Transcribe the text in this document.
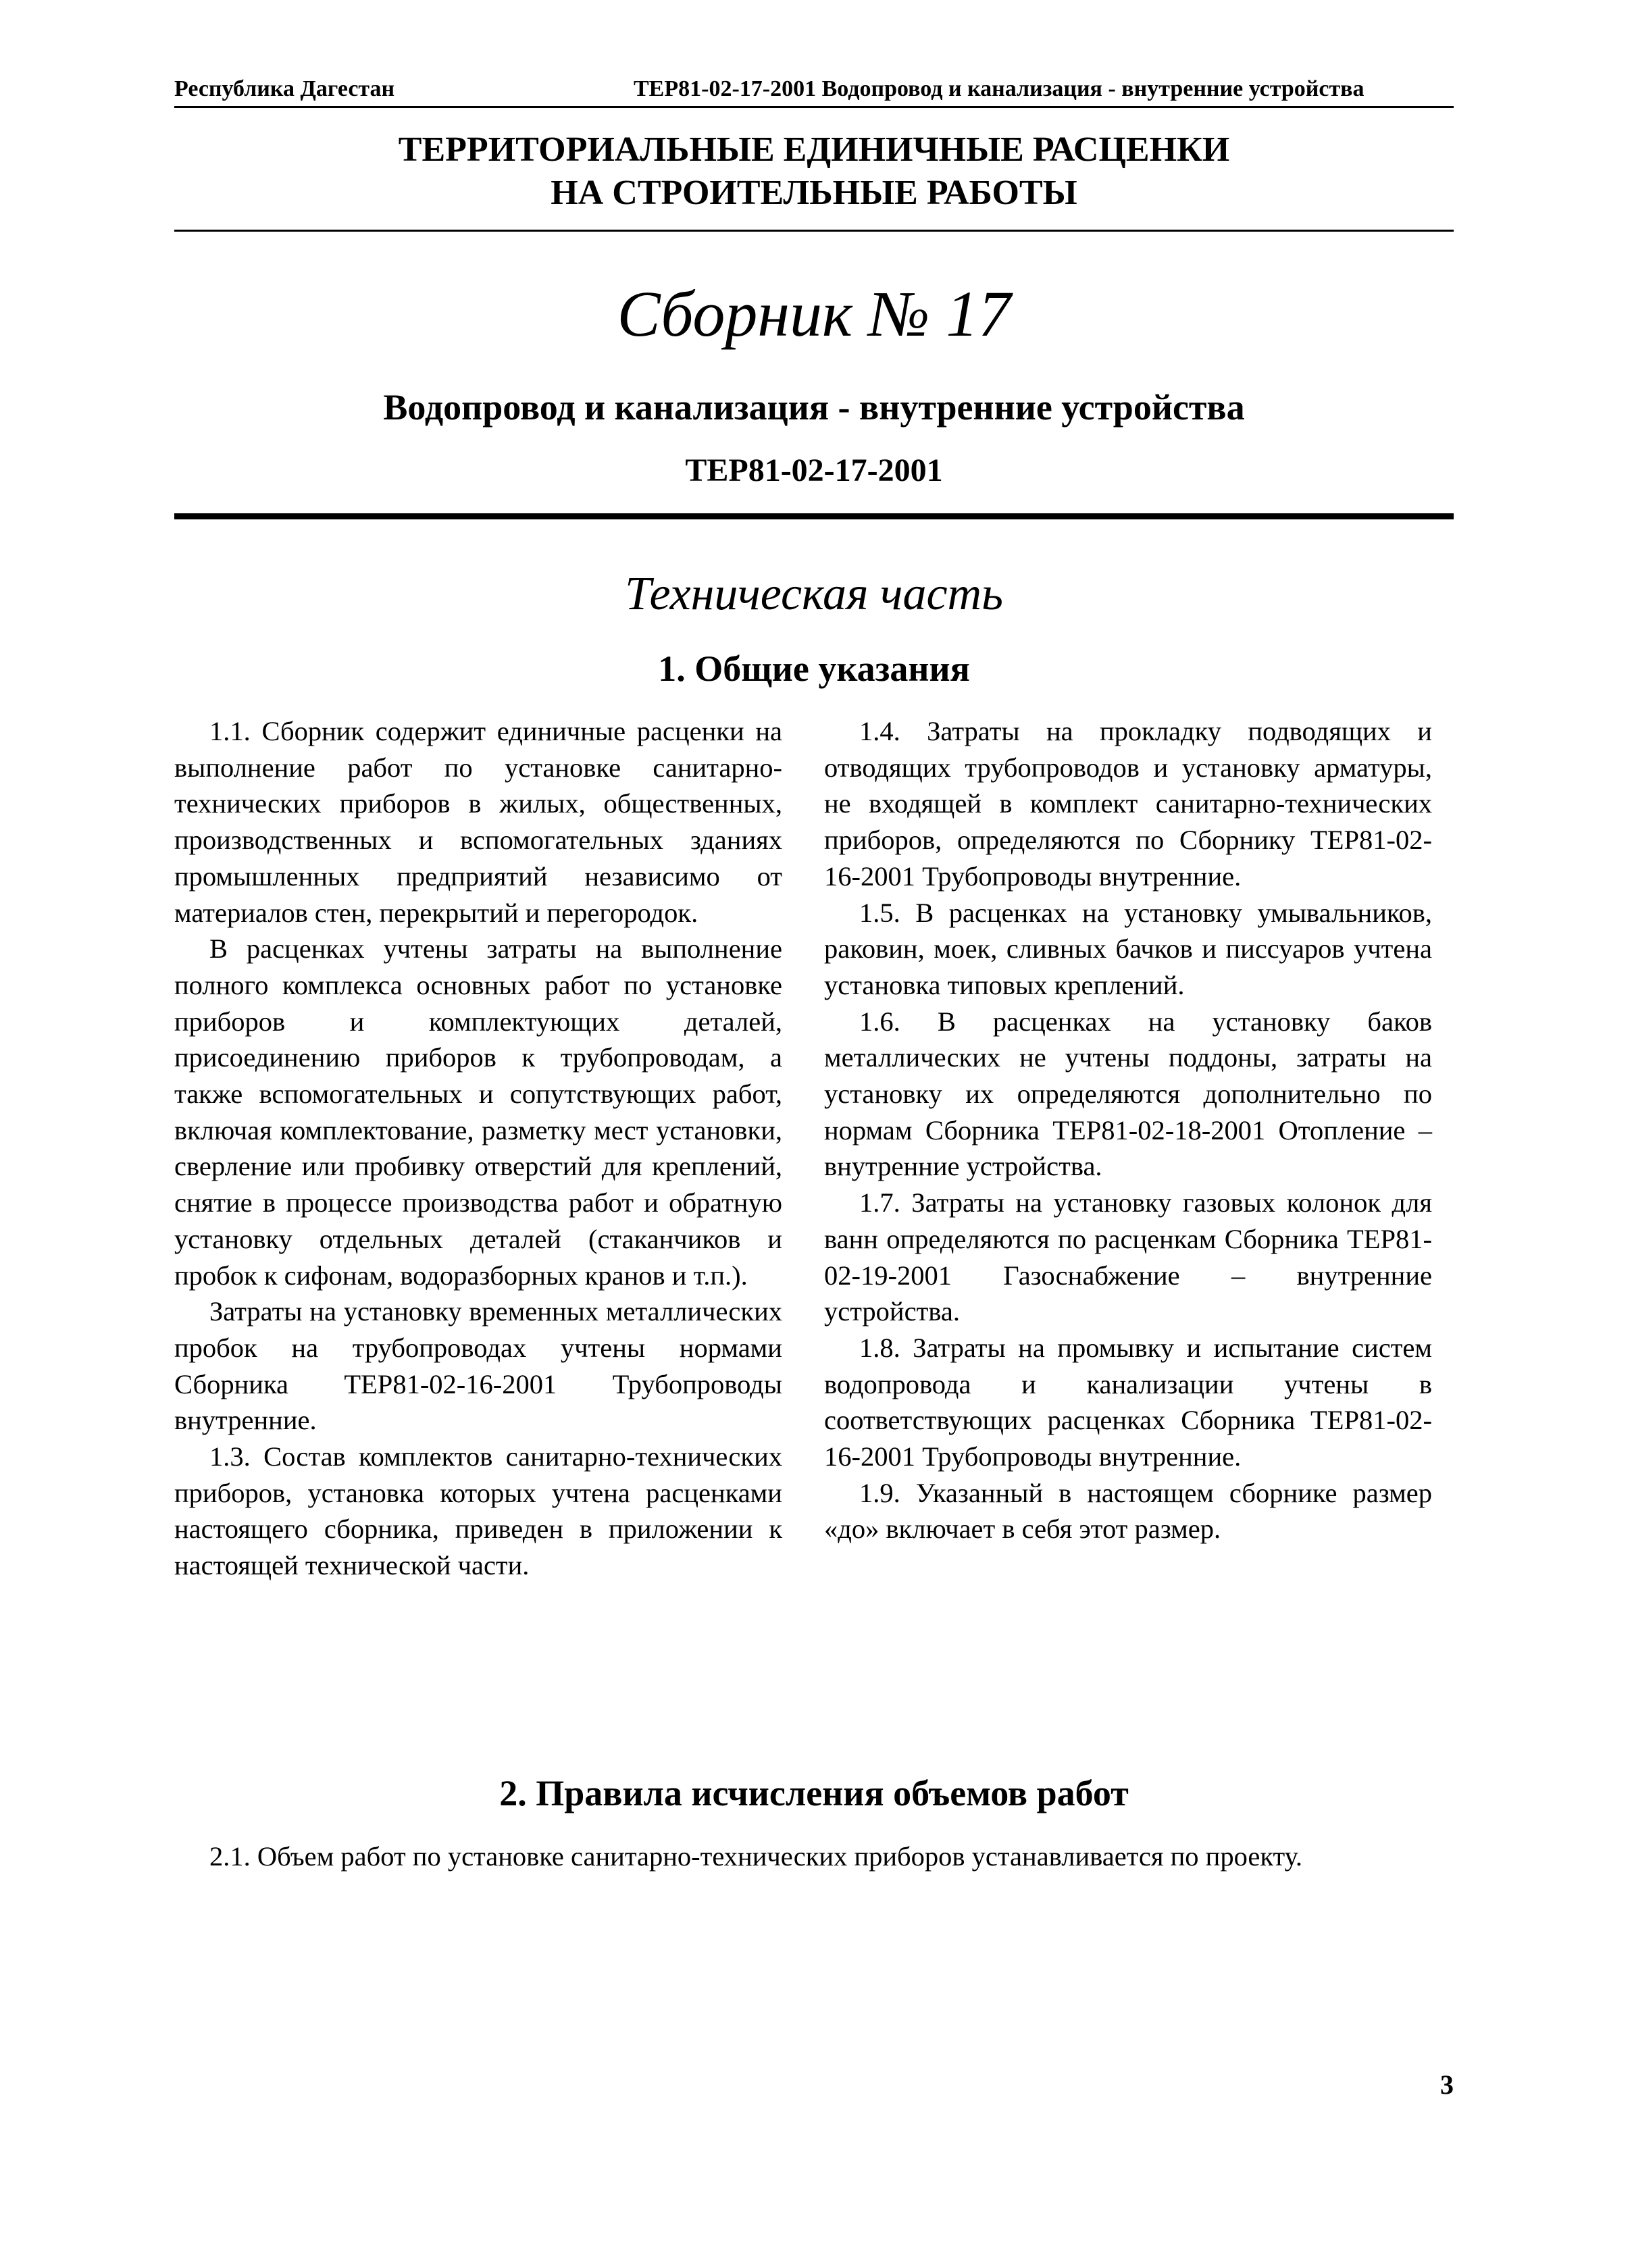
Республика Дагестан	ТЕР81-02-17-2001 Водопровод и канализация - внутренние устройства
ТЕРРИТОРИАЛЬНЫЕ ЕДИНИЧНЫЕ РАСЦЕНКИ
НА СТРОИТЕЛЬНЫЕ РАБОТЫ
Сборник № 17
Водопровод и канализация - внутренние устройства
ТЕР81-02-17-2001
Техническая часть
1. Общие указания

1.1. Сборник содержит единичные расценки на выполнение работ по установке санитарно-технических приборов в жилых, общественных, производственных и вспомогательных зданиях промышленных предприятий независимо от материалов стен, перекрытий и перегородок.

В расценках учтены затраты на выполнение полного комплекса основных работ по установке приборов и комплектующих деталей, присоединению приборов к трубопроводам, а также вспомогательных и сопутствующих работ, включая комплектование, разметку мест установки, сверление или пробивку отверстий для креплений, снятие в процессе производства работ и обратную установку отдельных деталей (стаканчиков и пробок к сифонам, водоразборных кранов и т.п.).

Затраты на установку временных металлических пробок на трубопроводах учтены нормами Сборника ТЕР81-02-16-2001 Трубопроводы внутренние.

1.3. Состав комплектов санитарно-технических приборов, установка которых учтена расценками настоящего сборника, приведен в приложении к настоящей технической части.

1.4. Затраты на прокладку подводящих и отводящих трубопроводов и установку арматуры, не входящей в комплект санитарно-технических приборов, определяются по Сборнику ТЕР81-02-16-2001 Трубопроводы внутренние.

1.5. В расценках на установку умывальников, раковин, моек, сливных бачков и писсуаров учтена установка типовых креплений.

1.6. В расценках на установку баков металлических не учтены поддоны, затраты на установку их определяются дополнительно по нормам Сборника ТЕР81-02-18-2001 Отопление – внутренние устройства.

1.7. Затраты на установку газовых колонок для ванн определяются по расценкам Сборника ТЕР81-02-19-2001 Газоснабжение – внутренние устройства.

1.8. Затраты на промывку и испытание систем водопровода и канализации учтены в соответствующих расценках Сборника ТЕР81-02-16-2001 Трубопроводы внутренние.

1.9. Указанный в настоящем сборнике размер «до» включает в себя этот размер.

2. Правила исчисления объемов работ
2.1. Объем работ по установке санитарно-технических приборов устанавливается по проекту.
3
